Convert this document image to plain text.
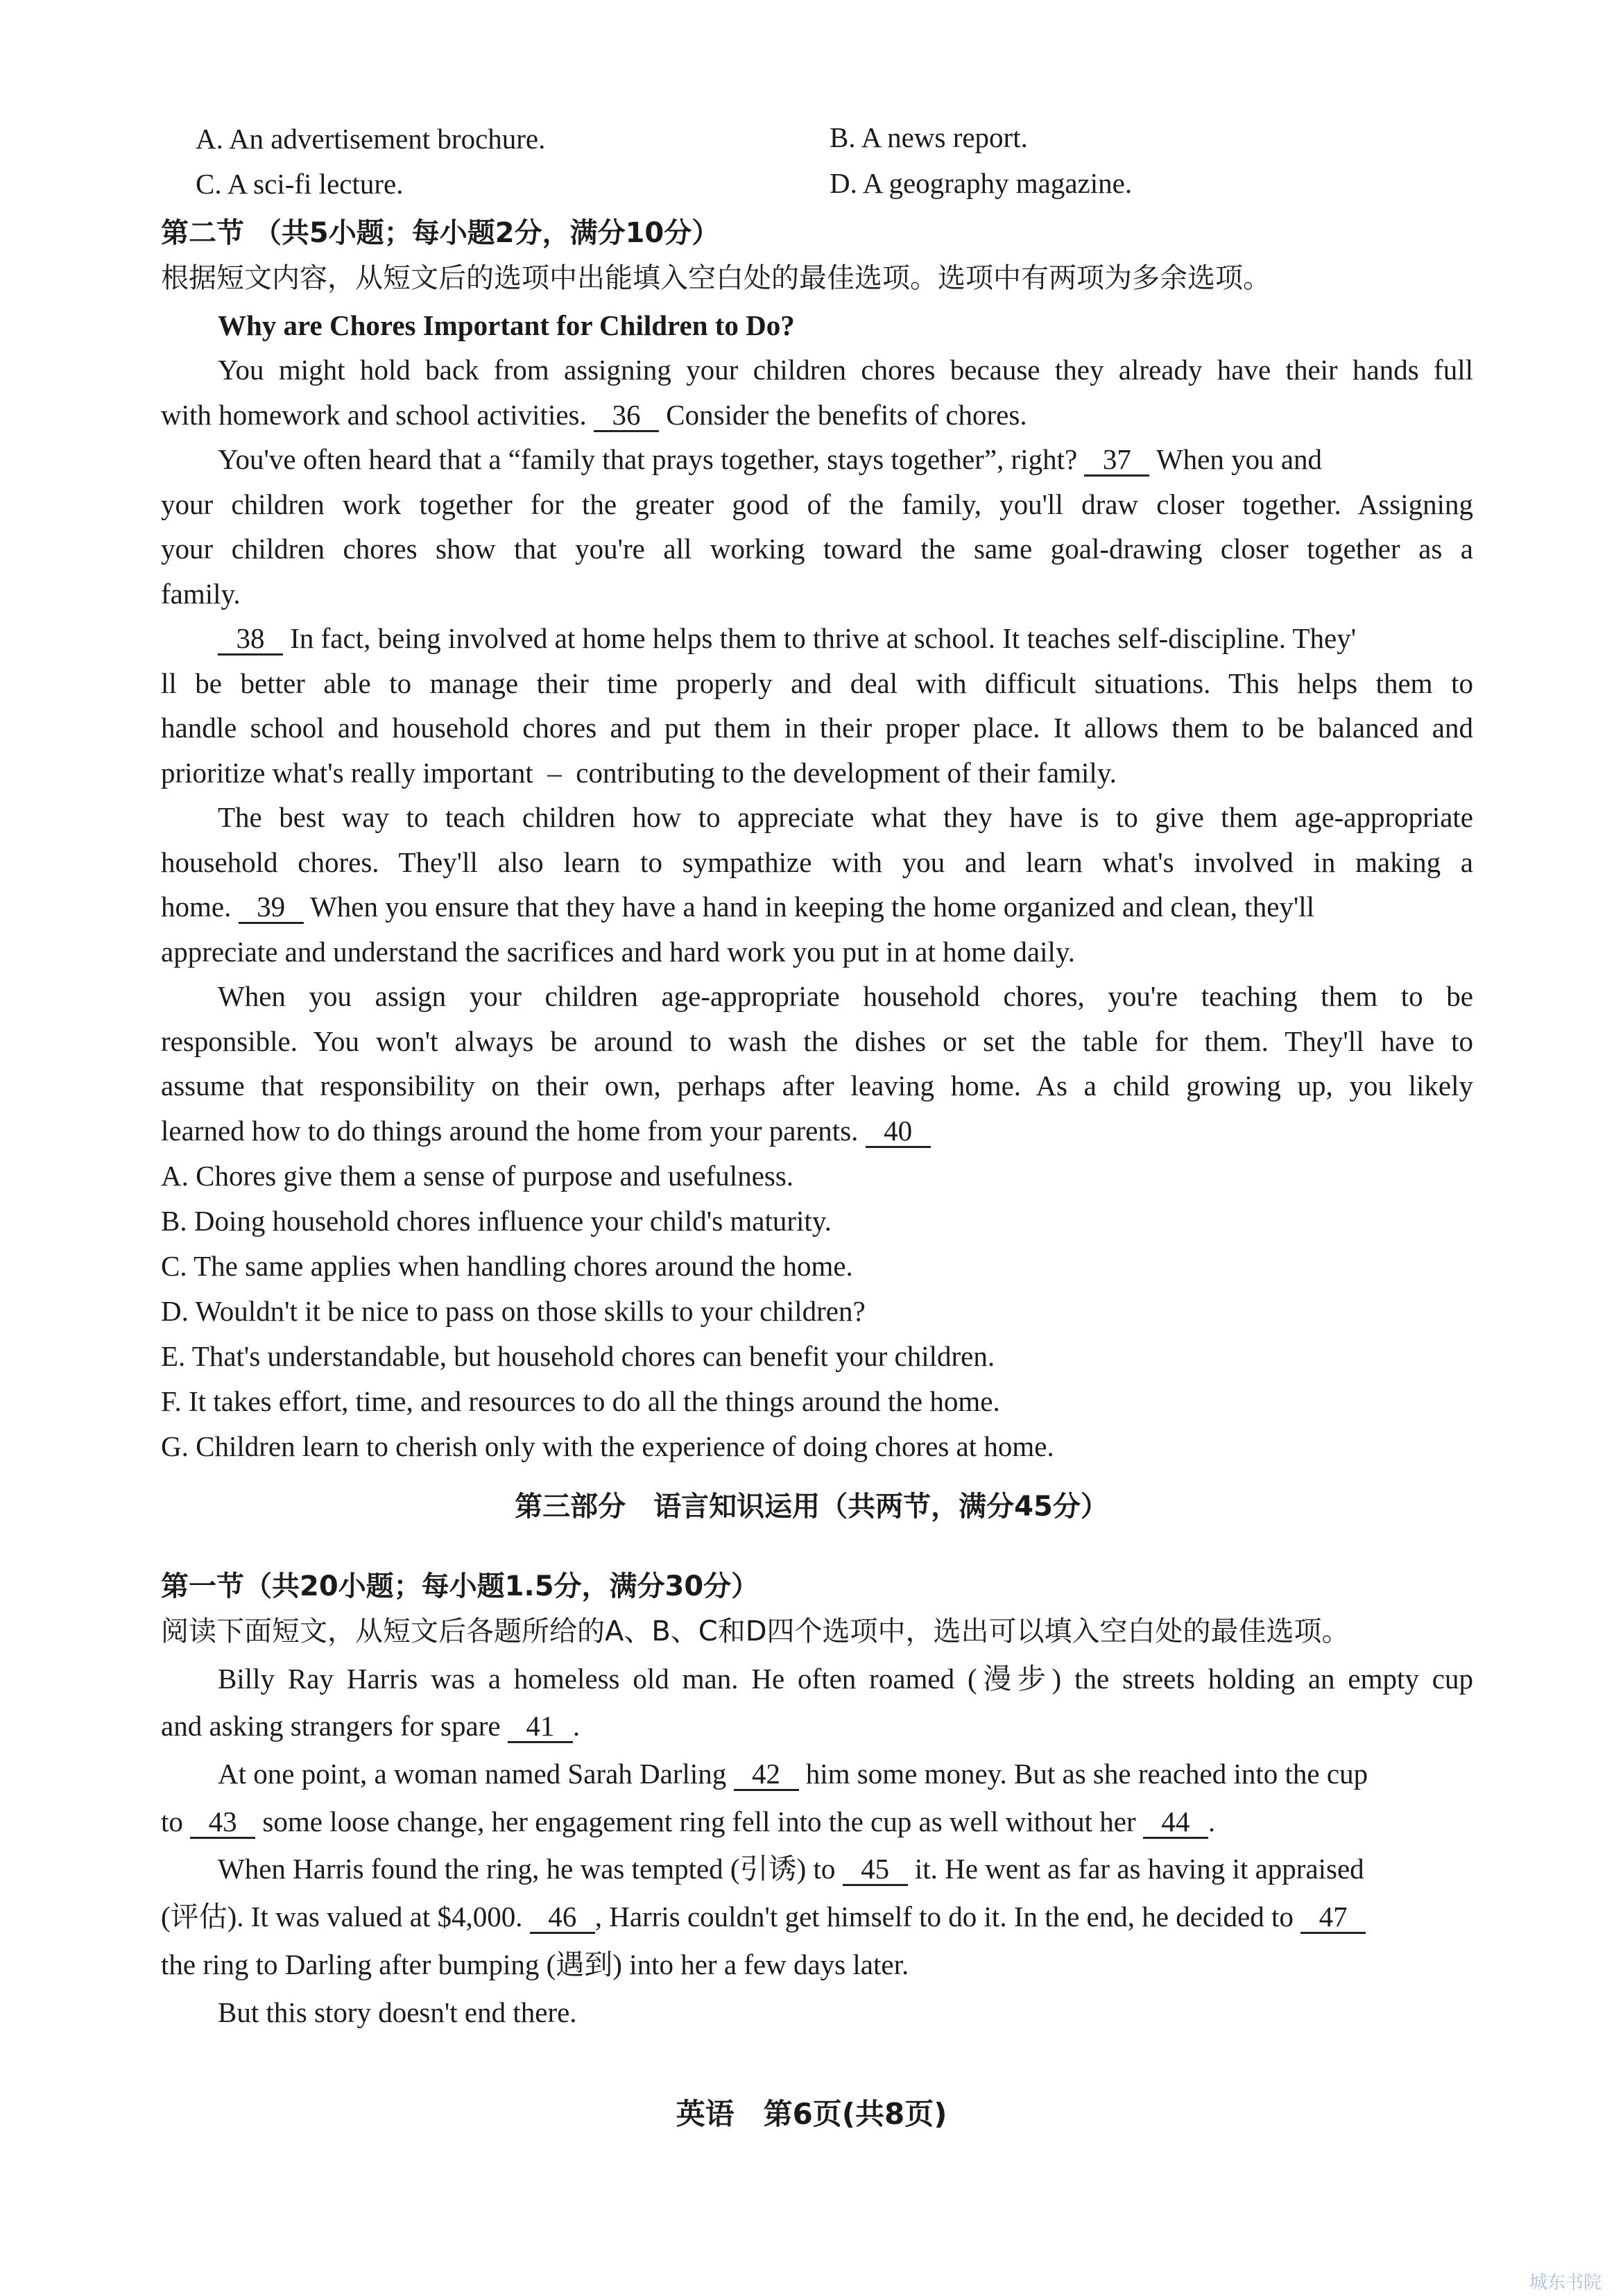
A. An advertisement brochure.	B. A news report.
C. A sci-fi lecture.	D. A geography magazine.
第二节 （共5小题；每小题2分，满分10分）
根据短文内容，从短文后的选项中出能填入空白处的最佳选项。选项中有两项为多余选项。
Why are Chores Important for Children to Do?
You might hold back from assigning your children chores because they already have their hands full
with homework and school activities. 36 Consider the benefits of chores.
You've often heard that a “family that prays together, stays together”, right? 37 When you and
your children work together for the greater good of the family, you'll draw closer together. Assigning
your children chores show that you're all working toward the same goal-drawing closer together as a
family.
38 In fact, being involved at home helps them to thrive at school. It teaches self-discipline. They'
ll be better able to manage their time properly and deal with difficult situations. This helps them to
handle school and household chores and put them in their proper place. It allows them to be balanced and
prioritize what's really important  –  contributing to the development of their family.
The best way to teach children how to appreciate what they have is to give them age-appropriate
household chores. They'll also learn to sympathize with you and learn what's involved in making a
home. 39 When you ensure that they have a hand in keeping the home organized and clean, they'll
appreciate and understand the sacrifices and hard work you put in at home daily.
When you assign your children age-appropriate household chores, you're teaching them to be
responsible. You won't always be around to wash the dishes or set the table for them. They'll have to
assume that responsibility on their own, perhaps after leaving home. As a child growing up, you likely
learned how to do things around the home from your parents. 40
A. Chores give them a sense of purpose and usefulness.
B. Doing household chores influence your child's maturity.
C. The same applies when handling chores around the home.
D. Wouldn't it be nice to pass on those skills to your children?
E. That's understandable, but household chores can benefit your children.
F. It takes effort, time, and resources to do all the things around the home.
G. Children learn to cherish only with the experience of doing chores at home.
第三部分　语言知识运用（共两节，满分45分）
第一节（共20小题；每小题1.5分，满分30分）
阅读下面短文，从短文后各题所给的A、B、C和D四个选项中，选出可以填入空白处的最佳选项。
Billy Ray Harris was a homeless old man. He often roamed (漫步) the streets holding an empty cup
and asking strangers for spare 41 .
At one point, a woman named Sarah Darling 42 him some money. But as she reached into the cup
to 43 some loose change, her engagement ring fell into the cup as well without her 44 .
When Harris found the ring, he was tempted (引诱) to 45 it. He went as far as having it appraised
(评估). It was valued at $4,000. 46 , Harris couldn't get himself to do it. In the end, he decided to 47
the ring to Darling after bumping (遇到) into her a few days later.
But this story doesn't end there.
英语　第6页(共8页)
城东书院
